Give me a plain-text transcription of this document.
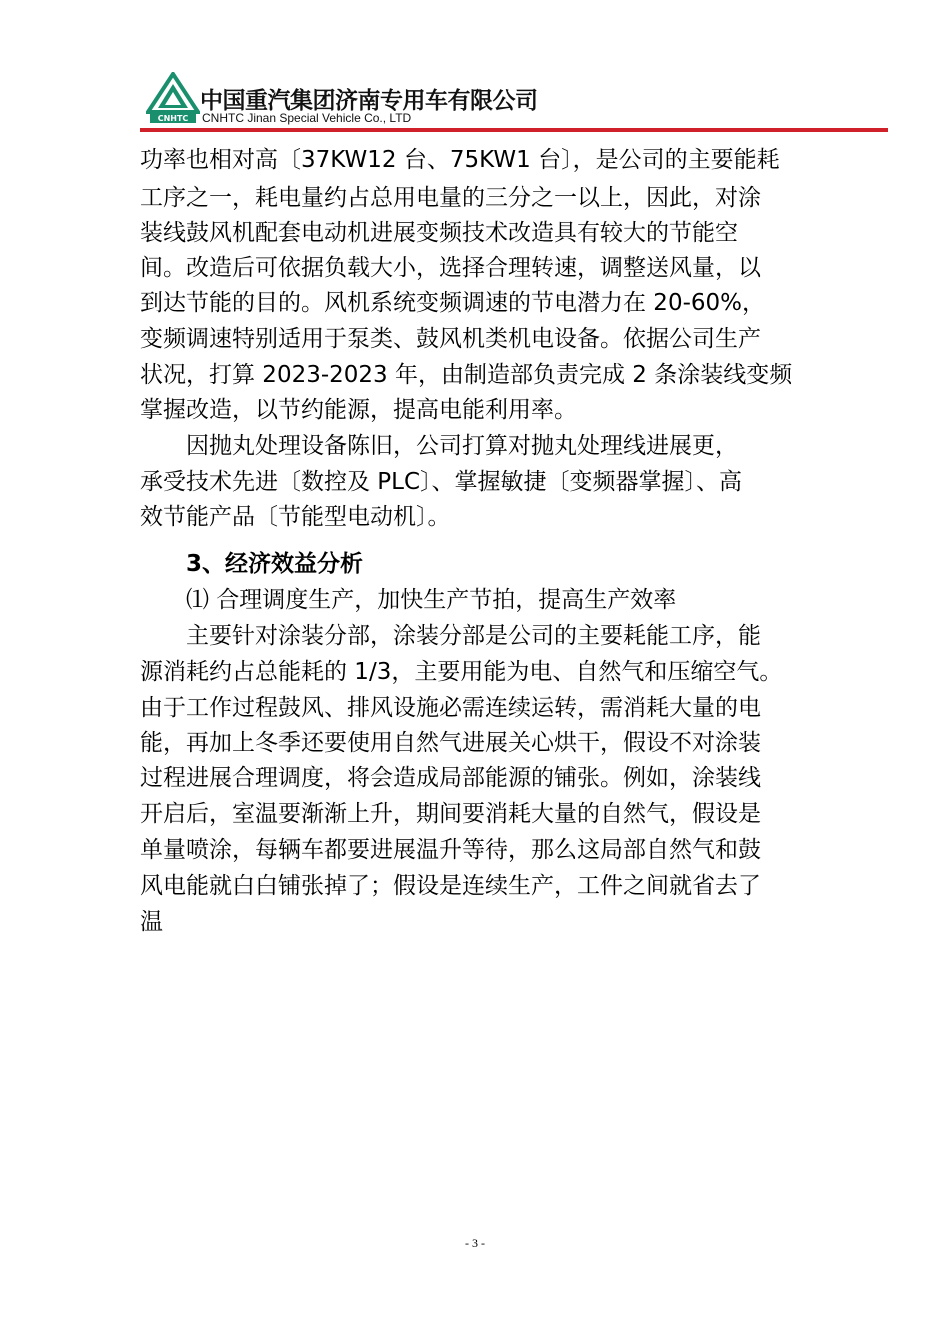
CNHTC
中国重汽集团济南专用车有限公司
CNHTC Jinan Special Vehicle Co., LTD
功率也相对高〔37KW12 台、75KW1 台〕，是公司的主要能耗
工序之一，耗电量约占总用电量的三分之一以上，因此，对涂
装线鼓风机配套电动机进展变频技术改造具有较大的节能空
间。改造后可依据负载大小，选择合理转速，调整送风量，以
到达节能的目的。风机系统变频调速的节电潜力在 20-60%，
变频调速特别适用于泵类、鼓风机类机电设备。依据公司生产
状况，打算 2023-2023 年，由制造部负责完成 2 条涂装线变频
掌握改造，以节约能源，提高电能利用率。
　　因抛丸处理设备陈旧，公司打算对抛丸处理线进展更，
承受技术先进〔数控及 PLC〕、掌握敏捷〔变频器掌握〕、高
效节能产品〔节能型电动机〕。
　　3、经济效益分析
　　⑴ 合理调度生产，加快生产节拍，提高生产效率
　　主要针对涂装分部，涂装分部是公司的主要耗能工序，能
源消耗约占总能耗的 1/3，主要用能为电、自然气和压缩空气。
由于工作过程鼓风、排风设施必需连续运转，需消耗大量的电
能，再加上冬季还要使用自然气进展关心烘干，假设不对涂装
过程进展合理调度，将会造成局部能源的铺张。例如，涂装线
开启后，室温要渐渐上升，期间要消耗大量的自然气，假设是
单量喷涂，每辆车都要进展温升等待，那么这局部自然气和鼓
风电能就白白铺张掉了；假设是连续生产，工件之间就省去了
温
- 3 -
